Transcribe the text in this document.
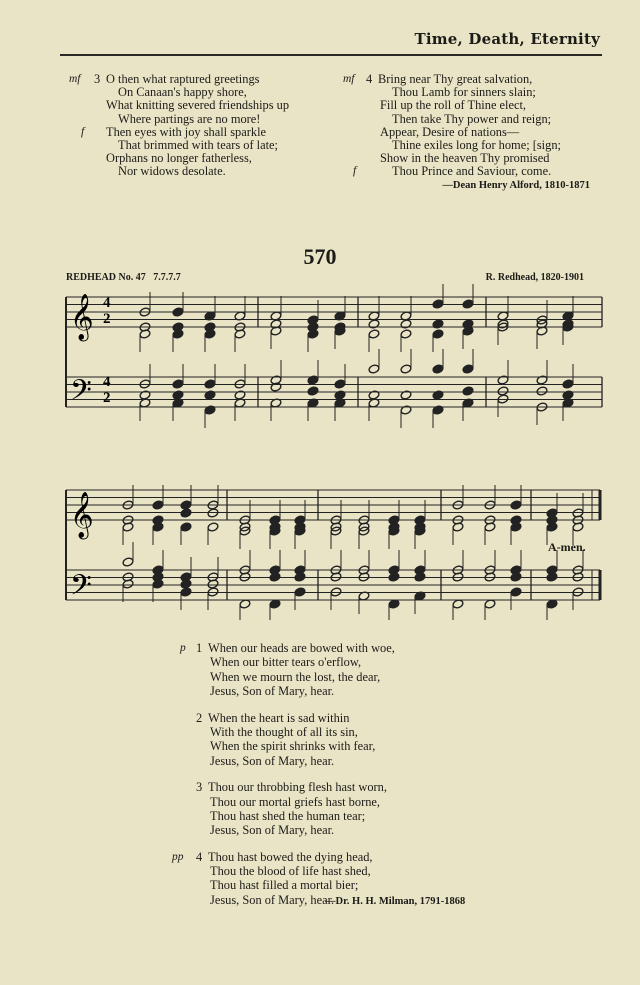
Time, Death, Eternity
mf
f
3 O then what raptured greetings
On Canaan's happy shore,
What knitting severed friendships up
Where partings are no more!
Then eyes with joy shall sparkle
That brimmed with tears of late;
Orphans no longer fatherless,
Nor widows desolate.
mf
f
4 Bring near Thy great salvation,
Thou Lamb for sinners slain;
Fill up the roll of Thine elect,
Then take Thy power and reign;
Appear, Desire of nations—
Thine exiles long for home; [sign;
Show in the heaven Thy promised
Thou Prince and Saviour, come.
—Dean Henry Alford, 1810-1871
570
REDHEAD No. 47 7.7.7.7	R. Redhead, 1820-1901
𝄞
𝄢
𝄞
𝄢
4
2
4
2
A-men.
p 1 When our heads are bowed with woe,
When our bitter tears o'erflow,
When we mourn the lost, the dear,
Jesus, Son of Mary, hear.
2 When the heart is sad within
With the thought of all its sin,
When the spirit shrinks with fear,
Jesus, Son of Mary, hear.
3 Thou our throbbing flesh hast worn,
Thou our mortal griefs hast borne,
Thou hast shed the human tear;
Jesus, Son of Mary, hear.
pp	4 Thou hast bowed the dying head,
Thou the blood of life hast shed,
Thou hast filled a mortal bier;
Jesus, Son of Mary, hear.
—Dr. H. H. Milman, 1791-1868
